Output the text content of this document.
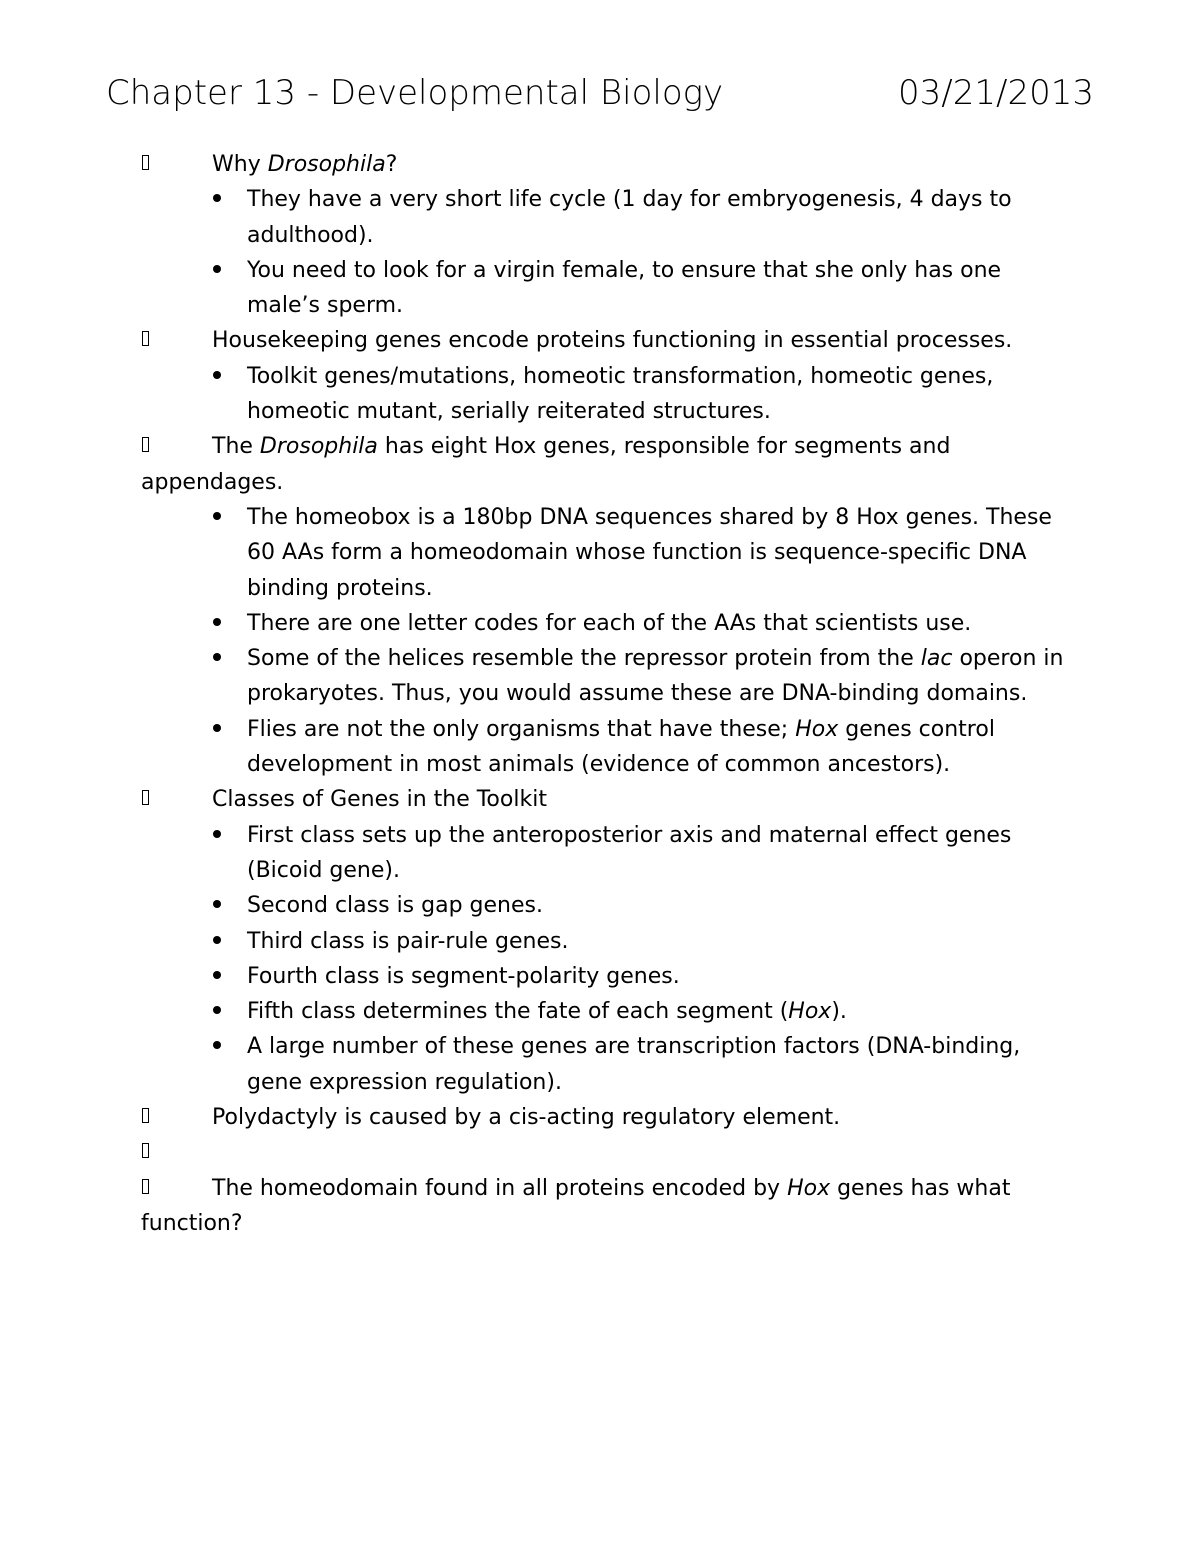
Chapter 13 - Developmental Biology	03/21/2013

Why Drosophila?

They have a very short life cycle (1 day for embryogenesis, 4 days to adulthood).

You need to look for a virgin female, to ensure that she only has one male’s sperm.

Housekeeping genes encode proteins functioning in essential processes.

Toolkit genes/mutations, homeotic transformation, homeotic genes, homeotic mutant, serially reiterated structures.

The Drosophila has eight Hox genes, responsible for segments and appendages.

The homeobox is a 180bp DNA sequences shared by 8 Hox genes. These 60 AAs form a homeodomain whose function is sequence-specific DNA binding proteins.

There are one letter codes for each of the AAs that scientists use.

Some of the helices resemble the repressor protein from the lac operon in prokaryotes. Thus, you would assume these are DNA-binding domains.

Flies are not the only organisms that have these; Hox genes control development in most animals (evidence of common ancestors).

Classes of Genes in the Toolkit

First class sets up the anteroposterior axis and maternal effect genes (Bicoid gene).

Second class is gap genes.

Third class is pair-rule genes.

Fourth class is segment-polarity genes.

Fifth class determines the fate of each segment (Hox).

A large number of these genes are transcription factors (DNA-binding, gene expression regulation).

Polydactyly is caused by a cis-acting regulatory element.

The homeodomain found in all proteins encoded by Hox genes has what function?
